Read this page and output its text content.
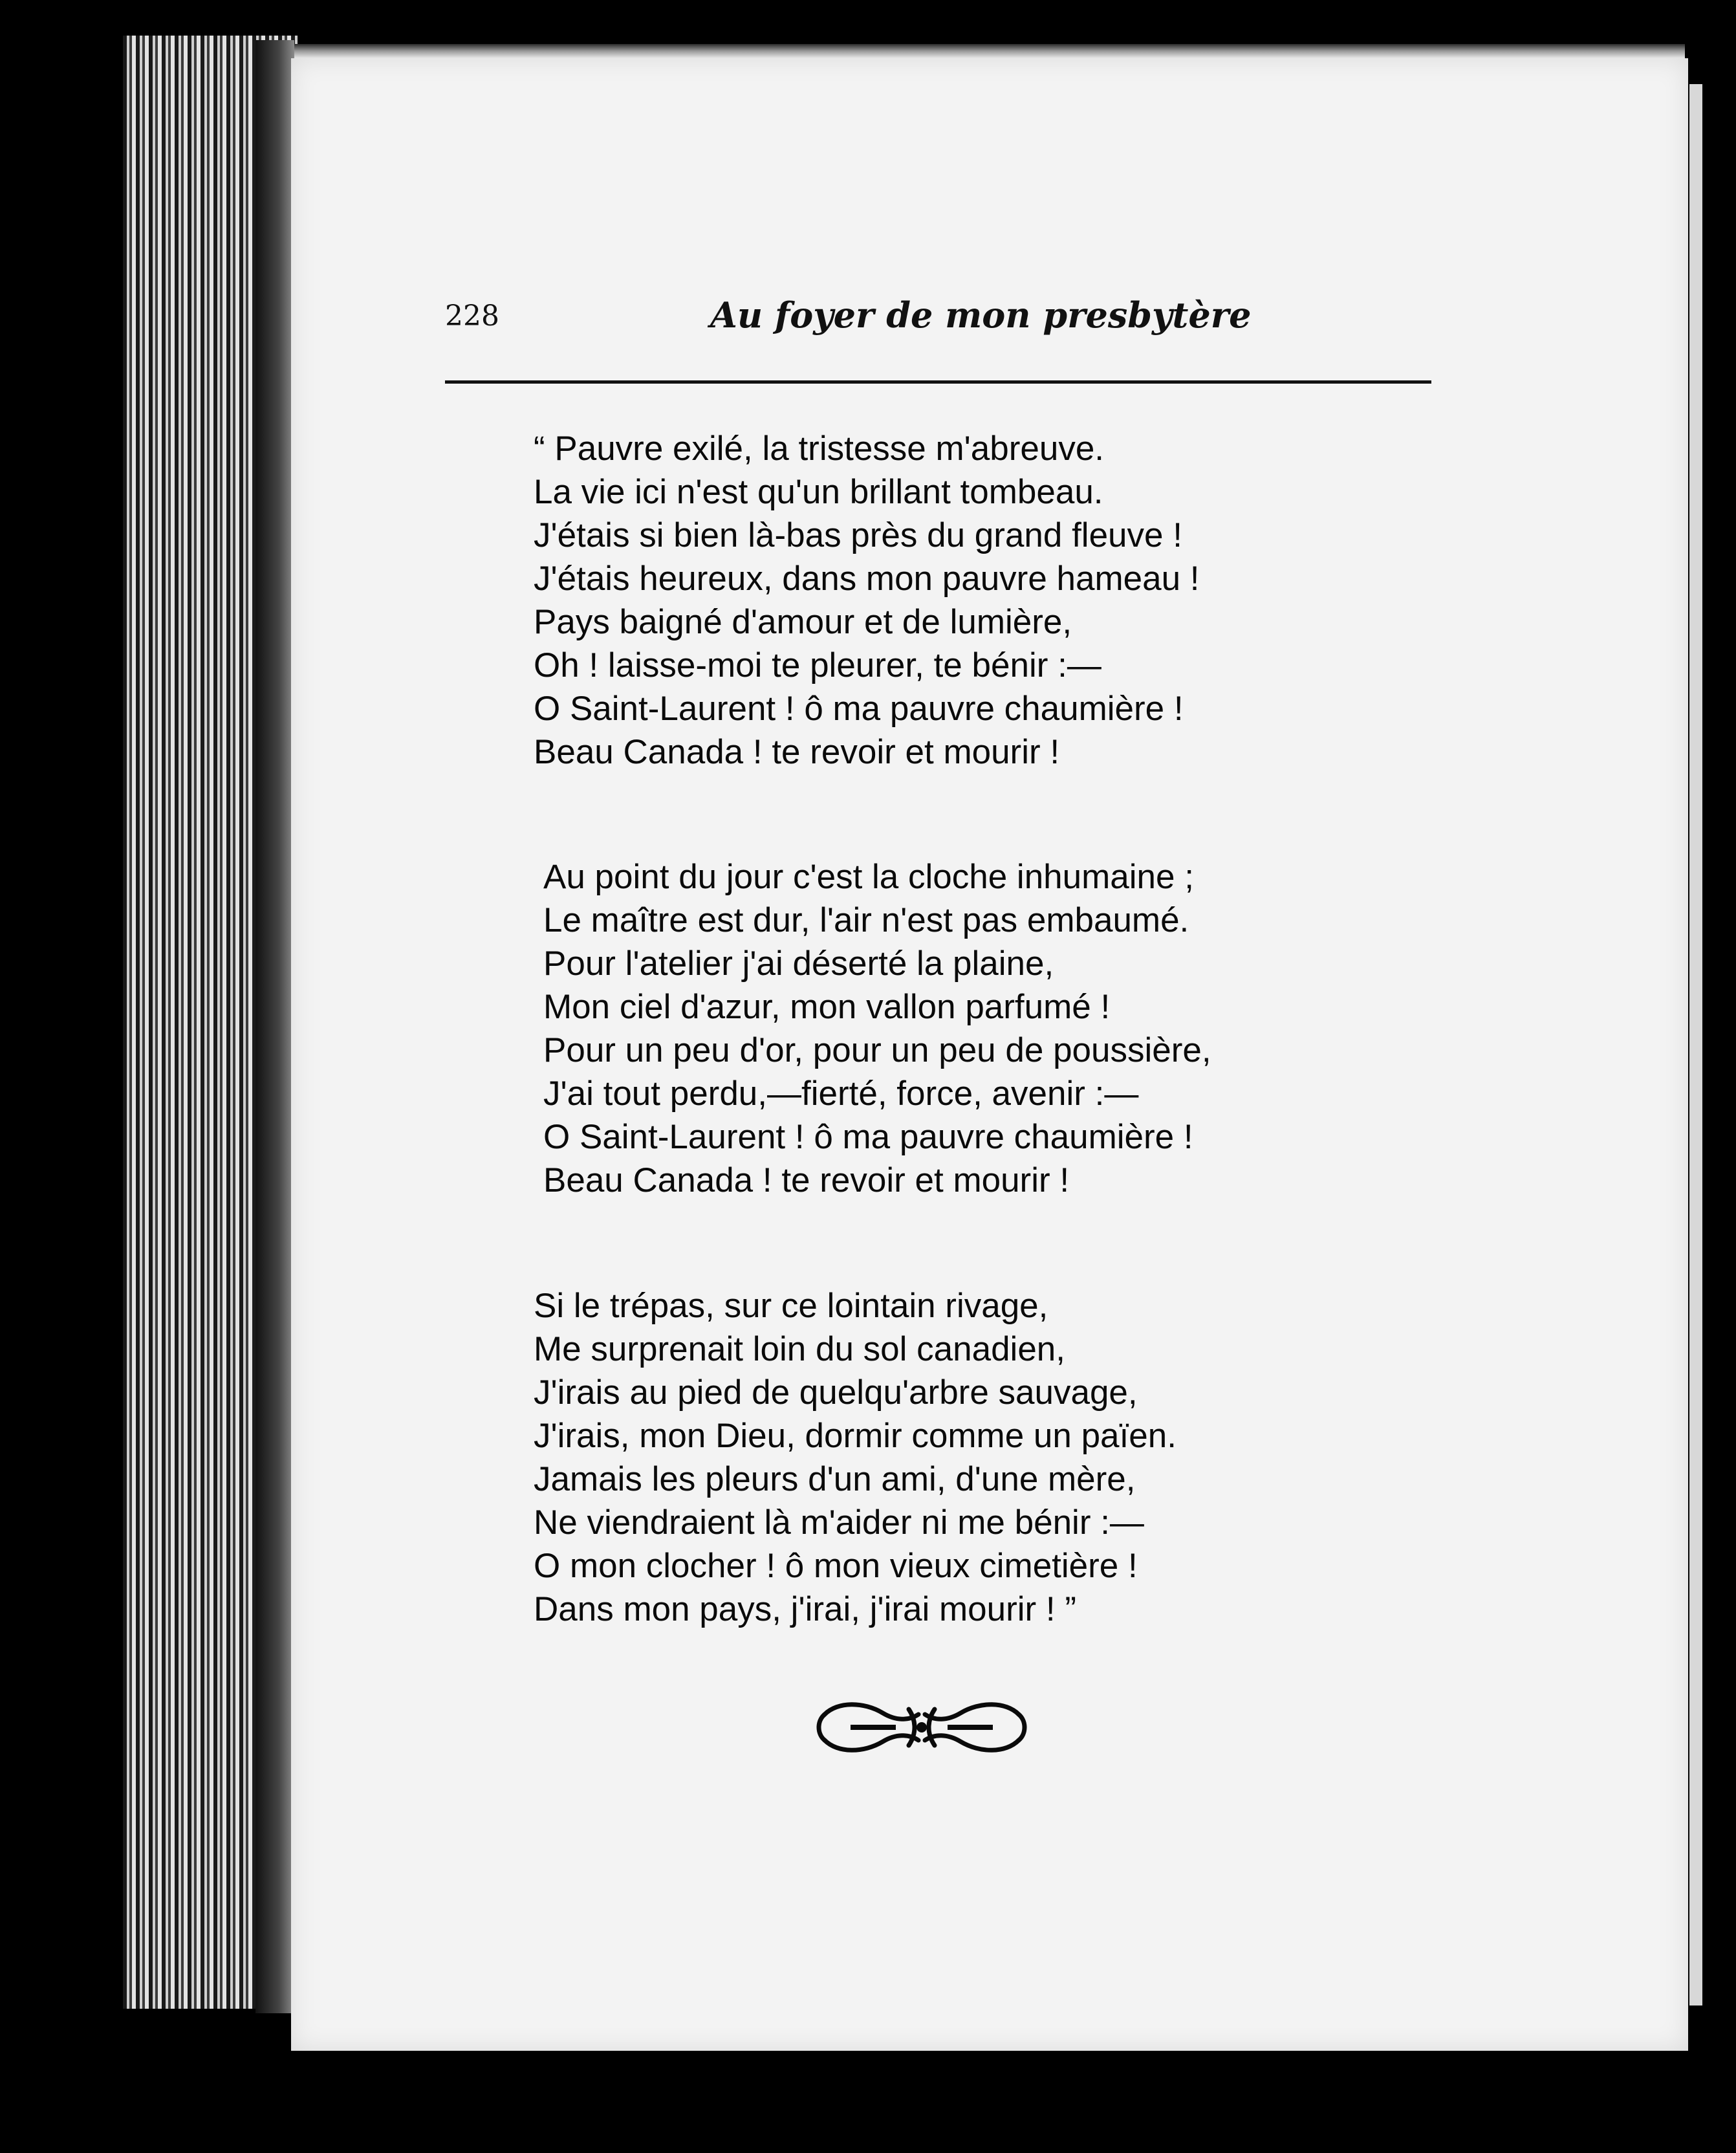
228	Au foyer de mon presbytère
“ Pauvre exilé, la tristesse m'abreuve.
La vie ici n'est qu'un brillant tombeau.
J'étais si bien là-bas près du grand fleuve !
J'étais heureux, dans mon pauvre hameau !
Pays baigné d'amour et de lumière,
Oh ! laisse-moi te pleurer, te bénir :—
O Saint-Laurent ! ô ma pauvre chaumière !
Beau Canada ! te revoir et mourir !
Au point du jour c'est la cloche inhumaine ;
Le maître est dur, l'air n'est pas embaumé.
Pour l'atelier j'ai déserté la plaine,
Mon ciel d'azur, mon vallon parfumé !
Pour un peu d'or, pour un peu de poussière,
J'ai tout perdu,—fierté, force, avenir :—
O Saint-Laurent ! ô ma pauvre chaumière !
Beau Canada ! te revoir et mourir !
Si le trépas, sur ce lointain rivage,
Me surprenait loin du sol canadien,
J'irais au pied de quelqu'arbre sauvage,
J'irais, mon Dieu, dormir comme un païen.
Jamais les pleurs d'un ami, d'une mère,
Ne viendraient là m'aider ni me bénir :—
O mon clocher ! ô mon vieux cimetière !
Dans mon pays, j'irai, j'irai mourir ! ”
